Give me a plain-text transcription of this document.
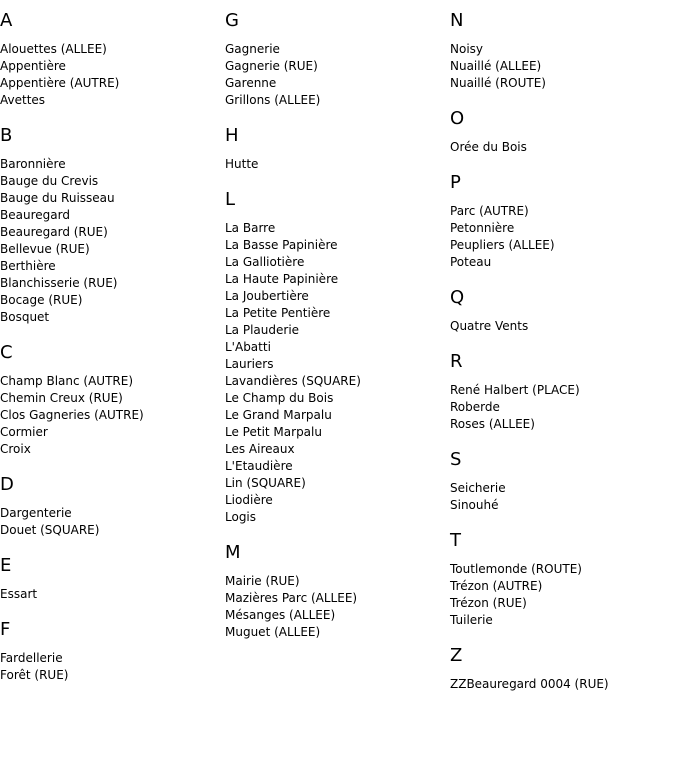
A
Alouettes (ALLEE)
Appentière
Appentière (AUTRE)
Avettes
B
Baronnière
Bauge du Crevis
Bauge du Ruisseau
Beauregard
Beauregard (RUE)
Bellevue (RUE)
Berthière
Blanchisserie (RUE)
Bocage (RUE)
Bosquet
C
Champ Blanc (AUTRE)
Chemin Creux (RUE)
Clos Gagneries (AUTRE)
Cormier
Croix
D
Dargenterie
Douet (SQUARE)
E
Essart
F
Fardellerie
Forêt (RUE)
G
Gagnerie
Gagnerie (RUE)
Garenne
Grillons (ALLEE)
H
Hutte
L
La Barre
La Basse Papinière
La Galliotière
La Haute Papinière
La Joubertière
La Petite Pentière
La Plauderie
L'Abatti
Lauriers
Lavandières (SQUARE)
Le Champ du Bois
Le Grand Marpalu
Le Petit Marpalu
Les Aireaux
L'Etaudière
Lin (SQUARE)
Liodière
Logis
M
Mairie (RUE)
Mazières Parc (ALLEE)
Mésanges (ALLEE)
Muguet (ALLEE)
N
Noisy
Nuaillé (ALLEE)
Nuaillé (ROUTE)
O
Orée du Bois
P
Parc (AUTRE)
Petonnière
Peupliers (ALLEE)
Poteau
Q
Quatre Vents
R
René Halbert (PLACE)
Roberde
Roses (ALLEE)
S
Seicherie
Sinouhé
T
Toutlemonde (ROUTE)
Trézon (AUTRE)
Trézon (RUE)
Tuilerie
Z
ZZBeauregard 0004 (RUE)
